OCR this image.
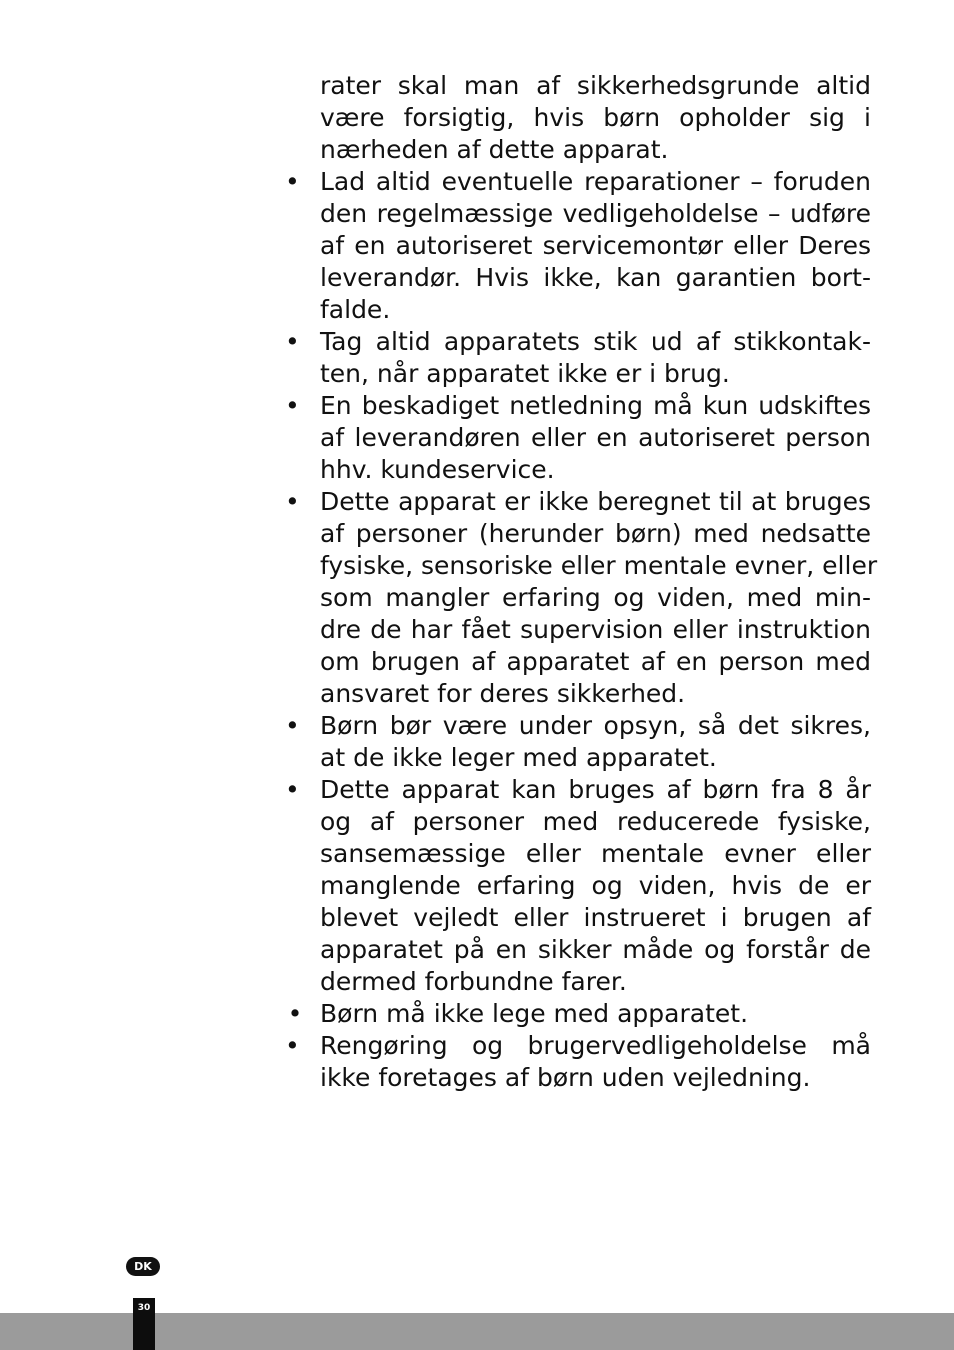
rater skal man af sikkerhedsgrunde altid
være forsigtig, hvis børn opholder sig i
nærheden af dette apparat.
• Lad altid eventuelle reparationer – foruden
den regelmæssige vedligeholdelse – udføre
af en autoriseret servicemontør eller Deres
leverandør. Hvis ikke, kan garantien bort-
falde.
• Tag altid apparatets stik ud af stikkontak-
ten, når apparatet ikke er i brug.
• En beskadiget netledning må kun udskiftes
af leverandøren eller en autoriseret person
hhv. kundeservice.
• Dette apparat er ikke beregnet til at bruges
af personer (herunder børn) med nedsatte
fysiske, sensoriske eller mentale evner, eller
som mangler erfaring og viden, med min-
dre de har fået supervision eller instruktion
om brugen af apparatet af en person med
ansvaret for deres sikkerhed.
• Børn bør være under opsyn, så det sikres,
at de ikke leger med apparatet.
• Dette apparat kan bruges af børn fra 8 år
og af personer med reducerede fysiske,
sansemæssige eller mentale evner eller
manglende erfaring og viden, hvis de er
blevet vejledt eller instrueret i brugen af
apparatet på en sikker måde og forstår de
dermed forbundne farer.
• Børn må ikke lege med apparatet.
• Rengøring og brugervedligeholdelse må
ikke foretages af børn uden vejledning.
DK
30
